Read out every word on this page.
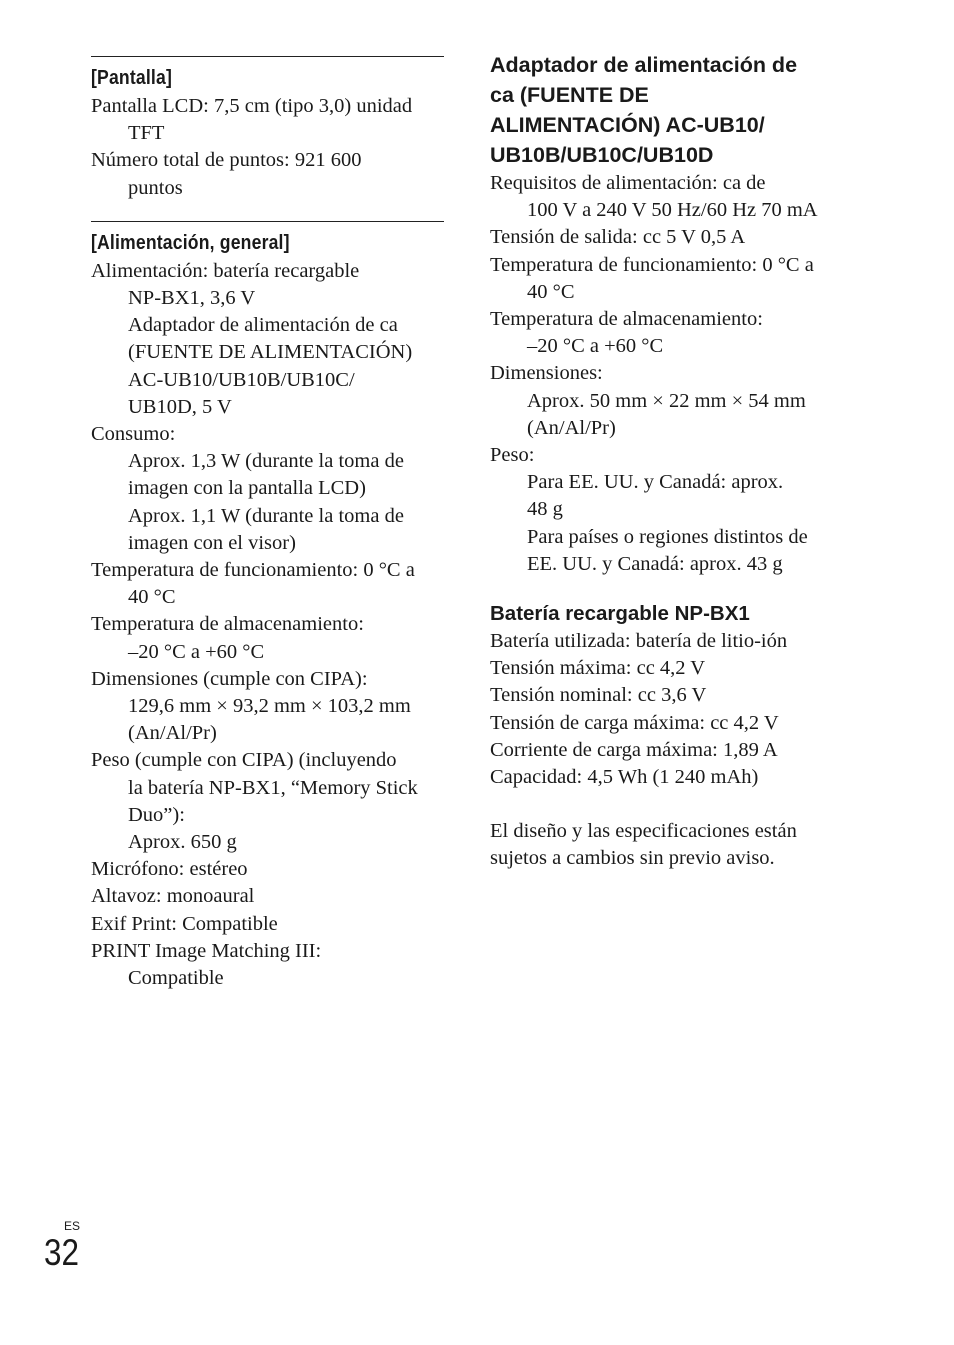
[Pantalla]
Pantalla LCD: 7,5 cm (tipo 3,0) unidad
TFT
Número total de puntos: 921 600
puntos
[Alimentación, general]
Alimentación: batería recargable
NP-BX1, 3,6 V
Adaptador de alimentación de ca
(FUENTE DE ALIMENTACIÓN)
AC-UB10/UB10B/UB10C/
UB10D, 5 V
Consumo:
Aprox. 1,3 W (durante la toma de
imagen con la pantalla LCD)
Aprox. 1,1 W (durante la toma de
imagen con el visor)
Temperatura de funcionamiento: 0 °C a
40 °C
Temperatura de almacenamiento:
–20 °C a +60 °C
Dimensiones (cumple con CIPA):
129,6 mm × 93,2 mm × 103,2 mm
(An/Al/Pr)
Peso (cumple con CIPA) (incluyendo
la batería NP-BX1, “Memory Stick
Duo”):
Aprox. 650 g
Micrófono: estéreo
Altavoz: monoaural
Exif Print: Compatible
PRINT Image Matching III:
Compatible
Adaptador de alimentación de
ca (FUENTE DE
ALIMENTACIÓN) AC-UB10/
UB10B/UB10C/UB10D
Requisitos de alimentación: ca de
100 V a 240 V 50 Hz/60 Hz 70 mA
Tensión de salida: cc 5 V 0,5 A
Temperatura de funcionamiento: 0 °C a
40 °C
Temperatura de almacenamiento:
–20 °C a +60 °C
Dimensiones:
Aprox. 50 mm × 22 mm × 54 mm
(An/Al/Pr)
Peso:
Para EE. UU. y Canadá: aprox.
48 g
Para países o regiones distintos de
EE. UU. y Canadá: aprox. 43 g
Batería recargable NP-BX1
Batería utilizada: batería de litio-ión
Tensión máxima: cc 4,2 V
Tensión nominal: cc 3,6 V
Tensión de carga máxima: cc 4,2 V
Corriente de carga máxima: 1,89 A
Capacidad: 4,5 Wh (1 240 mAh)
El diseño y las especificaciones están
sujetos a cambios sin previo aviso.
ES
32
